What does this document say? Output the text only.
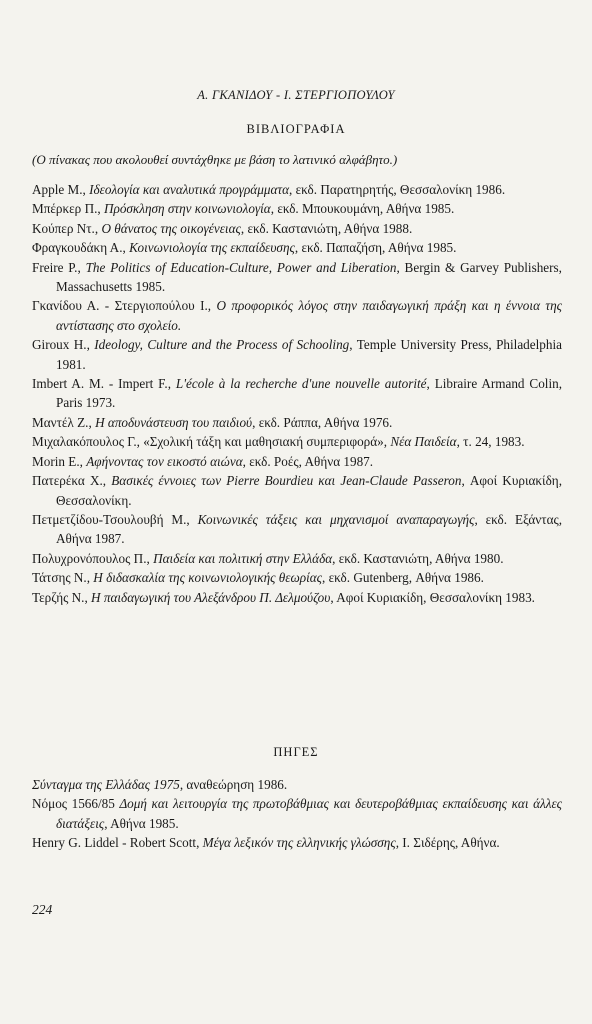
Α. ΓΚΑΝΙΔΟΥ - Ι. ΣΤΕΡΓΙΟΠΟΥΛΟΥ
ΒΙΒΛΙΟΓΡΑΦΙΑ
(Ο πίνακας που ακολουθεί συντάχθηκε με βάση το λατινικό αλφάβητο.)
Apple M., Ιδεολογία και αναλυτικά προγράμματα, εκδ. Παρατηρητής, Θεσσαλονίκη 1986.
Μπέρκερ Π., Πρόσκληση στην κοινωνιολογία, εκδ. Μπουκουμάνη, Αθήνα 1985.
Κούπερ Ντ., Ο θάνατος της οικογένειας, εκδ. Καστανιώτη, Αθήνα 1988.
Φραγκουδάκη Α., Κοινωνιολογία της εκπαίδευσης, εκδ. Παπαζήση, Αθήνα 1985.
Freire P., The Politics of Education-Culture, Power and Liberation, Bergin & Garvey Publishers, Massachusetts 1985.
Γκανίδου Α. - Στεργιοπούλου Ι., Ο προφορικός λόγος στην παιδαγωγική πράξη και η έννοια της αντίστασης στο σχολείο.
Giroux H., Ideology, Culture and the Process of Schooling, Temple University Press, Philadelphia 1981.
Imbert A. M. - Impert F., L'école à la recherche d'une nouvelle autorité, Libraire Armand Colin, Paris 1973.
Μαντέλ Ζ., Η αποδυνάστευση του παιδιού, εκδ. Ράππα, Αθήνα 1976.
Μιχαλακόπουλος Γ., «Σχολική τάξη και μαθησιακή συμπεριφορά», Νέα Παιδεία, τ. 24, 1983.
Morin E., Αφήνοντας τον εικοστό αιώνα, εκδ. Ροές, Αθήνα 1987.
Πατερέκα Χ., Βασικές έννοιες των Pierre Bourdieu και Jean-Claude Passeron, Αφοί Κυριακίδη, Θεσσαλονίκη.
Πετμετζίδου-Τσουλουβή Μ., Κοινωνικές τάξεις και μηχανισμοί αναπαραγωγής, εκδ. Εξάντας, Αθήνα 1987.
Πολυχρονόπουλος Π., Παιδεία και πολιτική στην Ελλάδα, εκδ. Καστανιώτη, Αθήνα 1980.
Τάτσης Ν., Η διδασκαλία της κοινωνιολογικής θεωρίας, εκδ. Gutenberg, Αθήνα 1986.
Τερζής Ν., Η παιδαγωγική του Αλεξάνδρου Π. Δελμούζου, Αφοί Κυριακίδη, Θεσσαλονίκη 1983.
ΠΗΓΕΣ
Σύνταγμα της Ελλάδας 1975, αναθεώρηση 1986.
Νόμος 1566/85 Δομή και λειτουργία της πρωτοβάθμιας και δευτεροβάθμιας εκπαίδευσης και άλλες διατάξεις, Αθήνα 1985.
Henry G. Liddel - Robert Scott, Μέγα λεξικόν της ελληνικής γλώσσης, Ι. Σιδέρης, Αθήνα.
224
